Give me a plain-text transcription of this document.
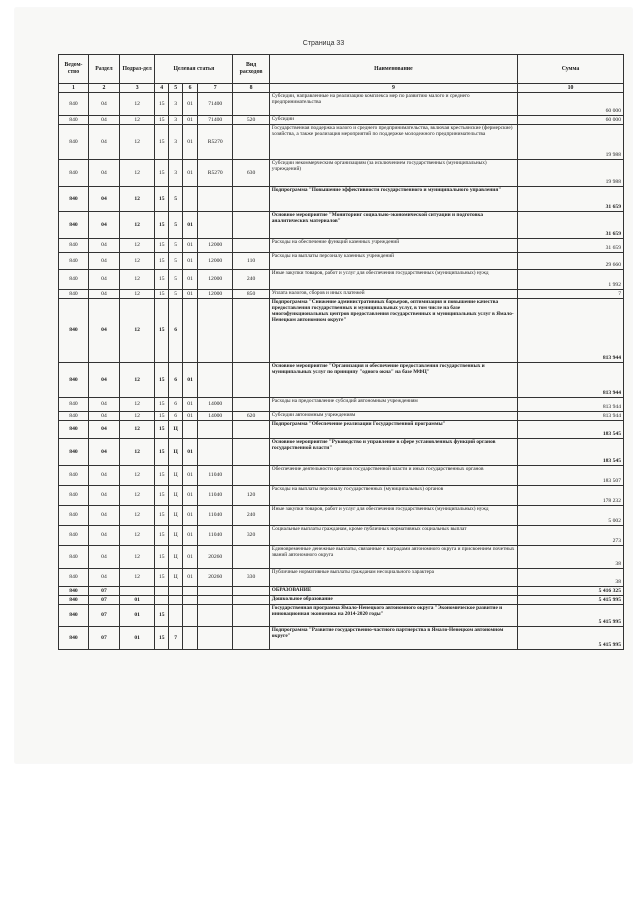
Страница 33
Ведом-ство	Раздел	Подраз-дел	Целевая статья				Вид расходов	Наименование	Сумма
1	2	3	4	5	6	7	8	9	10
840	04	12	15	3	01	71400		Субсидии, направленные на реализацию комплекса мер по развитию малого и среднего предпринимательства	60 000
840	04	12	15	3	01	71400	520	Субсидии	60 000
840	04	12	15	3	01	R5270		Государственная поддержка малого и среднего предпринимательства, включая крестьянские (фермерские) хозяйства, а также реализация мероприятий по поддержке молодежного предпринимательства	19 988
840	04	12	15	3	01	R5270	630	Субсидии некоммерческим организациям (за исключением государственных (муниципальных) учреждений)	19 988
840	04	12	15	5				Подпрограмма "Повышение эффективности государственного и муниципального управления"	31 659
840	04	12	15	5	01			Основное мероприятие "Мониторинг социально-экономической ситуации и подготовка аналитических материалов"	31 659
840	04	12	15	5	01	12000		Расходы на обеспечение функций казенных учреждений	31 659
840	04	12	15	5	01	12000	110	Расходы на выплаты персоналу казенных учреждений	29 660
840	04	12	15	5	01	12000	240	Иные закупки товаров, работ и услуг для обеспечения государственных (муниципальных) нужд	1 992
840	04	12	15	5	01	12000	850	Уплата налогов, сборов и иных платежей	7
840	04	12	15	6				Подпрограмма "Снижение административных барьеров, оптимизация и повышение качества предоставления государственных и муниципальных услуг, в том числе на базе многофункциональных центров предоставления государственных и муниципальных услуг в Ямало-Ненецком автономном округе"	813 944
840	04	12	15	6	01			Основное мероприятие "Организация и обеспечение предоставления государственных и муниципальных услуг по принципу "одного окна" на базе МФЦ"	813 944
840	04	12	15	6	01	14000		Расходы на предоставление субсидий автономным учреждениям	813 944
840	04	12	15	6	01	14000	620	Субсидии автономным учреждениям	813 944
840	04	12	15	Ц				Подпрограмма "Обеспечение реализации Государственной программы"	183 545
840	04	12	15	Ц	01			Основное мероприятие "Руководство и управление в сфере установленных функций органов государственной власти"	183 545
840	04	12	15	Ц	01	11040		Обеспечение деятельности органов государственной власти и иных государственных органов	183 507
840	04	12	15	Ц	01	11040	120	Расходы на выплаты персоналу государственных (муниципальных) органов	178 232
840	04	12	15	Ц	01	11040	240	Иные закупки товаров, работ и услуг для обеспечения государственных (муниципальных) нужд	5 002
840	04	12	15	Ц	01	11040	320	Социальные выплаты гражданам, кроме публичных нормативных социальных выплат	273
840	04	12	15	Ц	01	20260		Единовременные денежные выплаты, связанные с наградами автономного округа и присвоением почетных званий автономного округа	38
840	04	12	15	Ц	01	20260	330	Публичные нормативные выплаты гражданам несоциального характера	38
840	07							ОБРАЗОВАНИЕ	5 416 325
840	07	01						Дошкольное образование	5 415 995
840	07	01	15					Государственная программа Ямало-Ненецкого автономного округа "Экономическое развитие и инновационная экономика на 2014-2020 годы"	5 415 995
840	07	01	15	7				Подпрограмма "Развитие государственно-частного партнерства в Ямало-Ненецком автономном округе"	5 415 995
